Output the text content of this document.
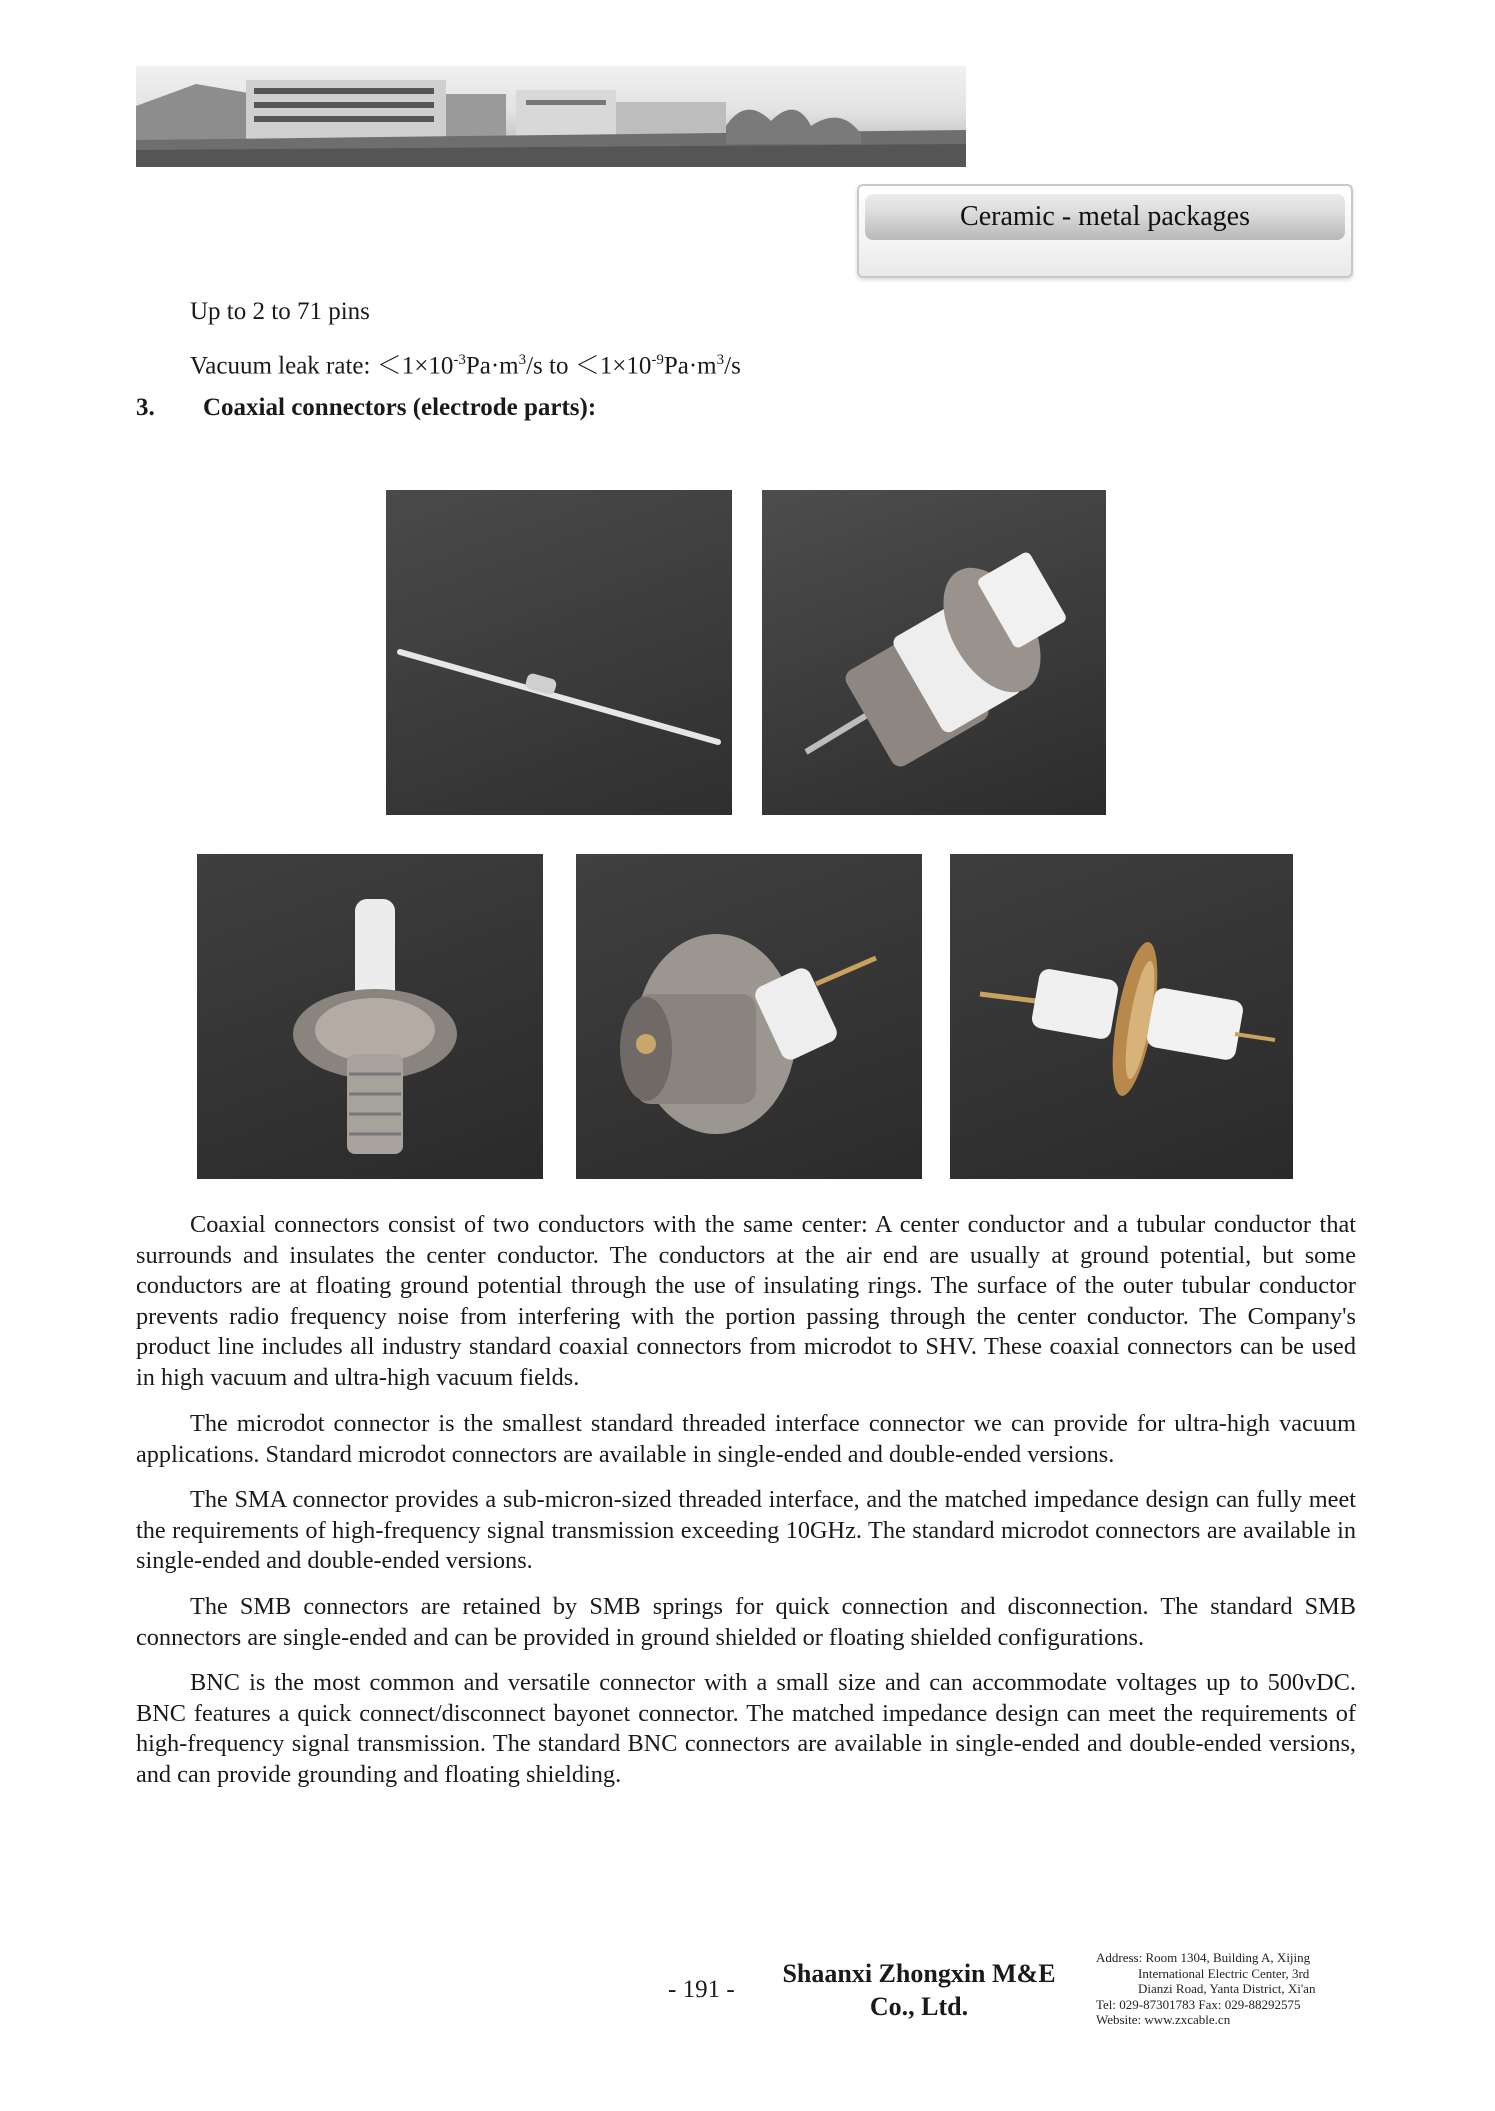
Ceramic - metal packages
Up to 2 to 71 pins
Vacuum leak rate: $<1\times 10^{-3}Pa\cdot m^3/s$ to $<1\times 10^{-9}Pa\cdot m^3/s$
3. Coaxial connectors (electrode parts):

Coaxial connectors consist of two conductors with the same center: A center conductor and a tubular conductor that surrounds and insulates the center conductor. The conductors at the air end are usually at ground potential, but some conductors are at floating ground potential through the use of insulating rings. The surface of the outer tubular conductor prevents radio frequency noise from interfering with the portion passing through the center conductor. The Company's product line includes all industry standard coaxial connectors from microdot to SHV. These coaxial connectors can be used in high vacuum and ultra-high vacuum fields.

The microdot connector is the smallest standard threaded interface connector we can provide for ultra-high vacuum applications. Standard microdot connectors are available in single-ended and double-ended versions.

The SMA connector provides a sub-micron-sized threaded interface, and the matched impedance design can fully meet the requirements of high-frequency signal transmission exceeding 10GHz. The standard microdot connectors are available in single-ended and double-ended versions.

The SMB connectors are retained by SMB springs for quick connection and disconnection. The standard SMB connectors are single-ended and can be provided in ground shielded or floating shielded configurations.

BNC is the most common and versatile connector with a small size and can accommodate voltages up to 500vDC. BNC features a quick connect/disconnect bayonet connector. The matched impedance design can meet the requirements of high-frequency signal transmission. The standard BNC connectors are available in single-ended and double-ended versions, and can provide grounding and floating shielding.

- 191 -
Shaanxi Zhongxin M&E
Co., Ltd.
Address: Room 1304, Building A, Xijing
International Electric Center, 3rd
Dianzi Road, Yanta District, Xi'an
Tel: 029-87301783 Fax: 029-88292575
Website: www.zxcable.cn
